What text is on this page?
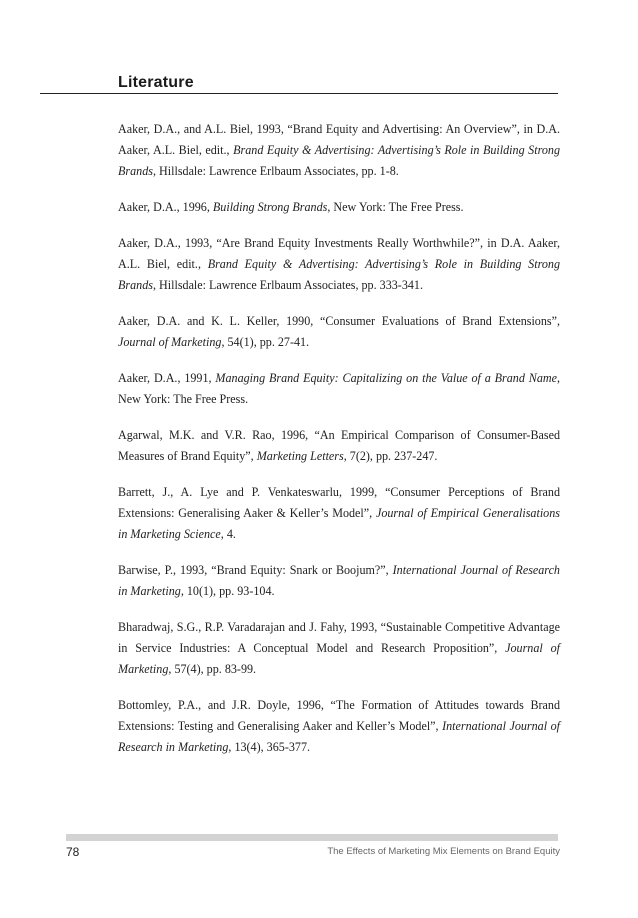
Literature

Aaker, D.A., and A.L. Biel, 1993, “Brand Equity and Advertising: An Overview”, in D.A. Aaker, A.L. Biel, edit., Brand Equity & Advertising: Advertising’s Role in Building Strong Brands, Hillsdale: Lawrence Erlbaum Associates, pp. 1-8.

Aaker, D.A., 1996, Building Strong Brands, New York: The Free Press.

Aaker, D.A., 1993, “Are Brand Equity Investments Really Worthwhile?”, in D.A. Aaker, A.L. Biel, edit., Brand Equity & Advertising: Advertising’s Role in Building Strong Brands, Hillsdale: Lawrence Erlbaum Associates, pp. 333-341.

Aaker, D.A. and K. L. Keller, 1990, “Consumer Evaluations of Brand Extensions”, Journal of Marketing, 54(1), pp. 27-41.

Aaker, D.A., 1991, Managing Brand Equity: Capitalizing on the Value of a Brand Name, New York: The Free Press.

Agarwal, M.K. and V.R. Rao, 1996, “An Empirical Comparison of Consumer-Based Measures of Brand Equity”, Marketing Letters, 7(2), pp. 237-247.

Barrett, J., A. Lye and P. Venkateswarlu, 1999, “Consumer Perceptions of Brand Extensions: Generalising Aaker & Keller’s Model”, Journal of Empirical Generalisations in Marketing Science, 4.

Barwise, P., 1993, “Brand Equity: Snark or Boojum?”, International Journal of Research in Marketing, 10(1), pp. 93-104.

Bharadwaj, S.G., R.P. Varadarajan and J. Fahy, 1993, “Sustainable Competitive Advantage in Service Industries: A Conceptual Model and Research Proposition”, Journal of Marketing, 57(4), pp. 83-99.

Bottomley, P.A., and J.R. Doyle, 1996, “The Formation of Attitudes towards Brand Extensions: Testing and Generalising Aaker and Keller’s Model”, International Journal of Research in Marketing, 13(4), 365-377.

78	The Effects of Marketing Mix Elements on Brand Equity
